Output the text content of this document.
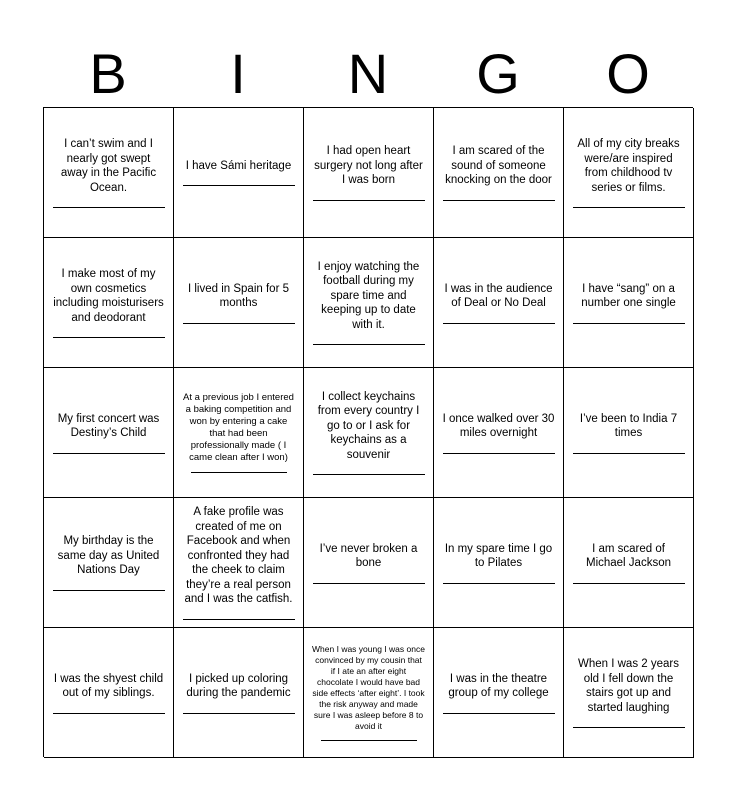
B	I	N	G	O
I can’t swim and I nearly got swept away in the Pacific Ocean.
I have Sámi heritage
I had open heart surgery not long after I was born
I am scared of the sound of someone knocking on the door
All of my city breaks were/are inspired from childhood tv series or films.
I make most of my own cosmetics including moisturisers and deodorant
I lived in Spain for 5 months
I enjoy watching the football during my spare time and keeping up to date with it.
I was in the audience of Deal or No Deal
I have “sang” on a number one single
My first concert was Destiny’s Child
At a previous job I entered a baking competition and won by entering a cake that had been professionally made ( I came clean after I won)
I collect keychains from every country I go to or I ask for keychains as a souvenir
I once walked over 30 miles overnight
I’ve been to India 7 times
My birthday is the same day as United Nations Day
A fake profile was created of me on Facebook and when confronted they had the cheek to claim they’re a real person and I was the catfish.
I’ve never broken a bone
In my spare time I go to Pilates
I am scared of Michael Jackson
I was the shyest child out of my siblings.
I picked up coloring during the pandemic
When I was young I was once convinced by my cousin that if I ate an after eight chocolate I would have bad side effects ‘after eight’. I took the risk anyway and made sure I was asleep before 8 to avoid it
I was in the theatre group of my college
When I was 2 years old I fell down the stairs got up and started laughing
